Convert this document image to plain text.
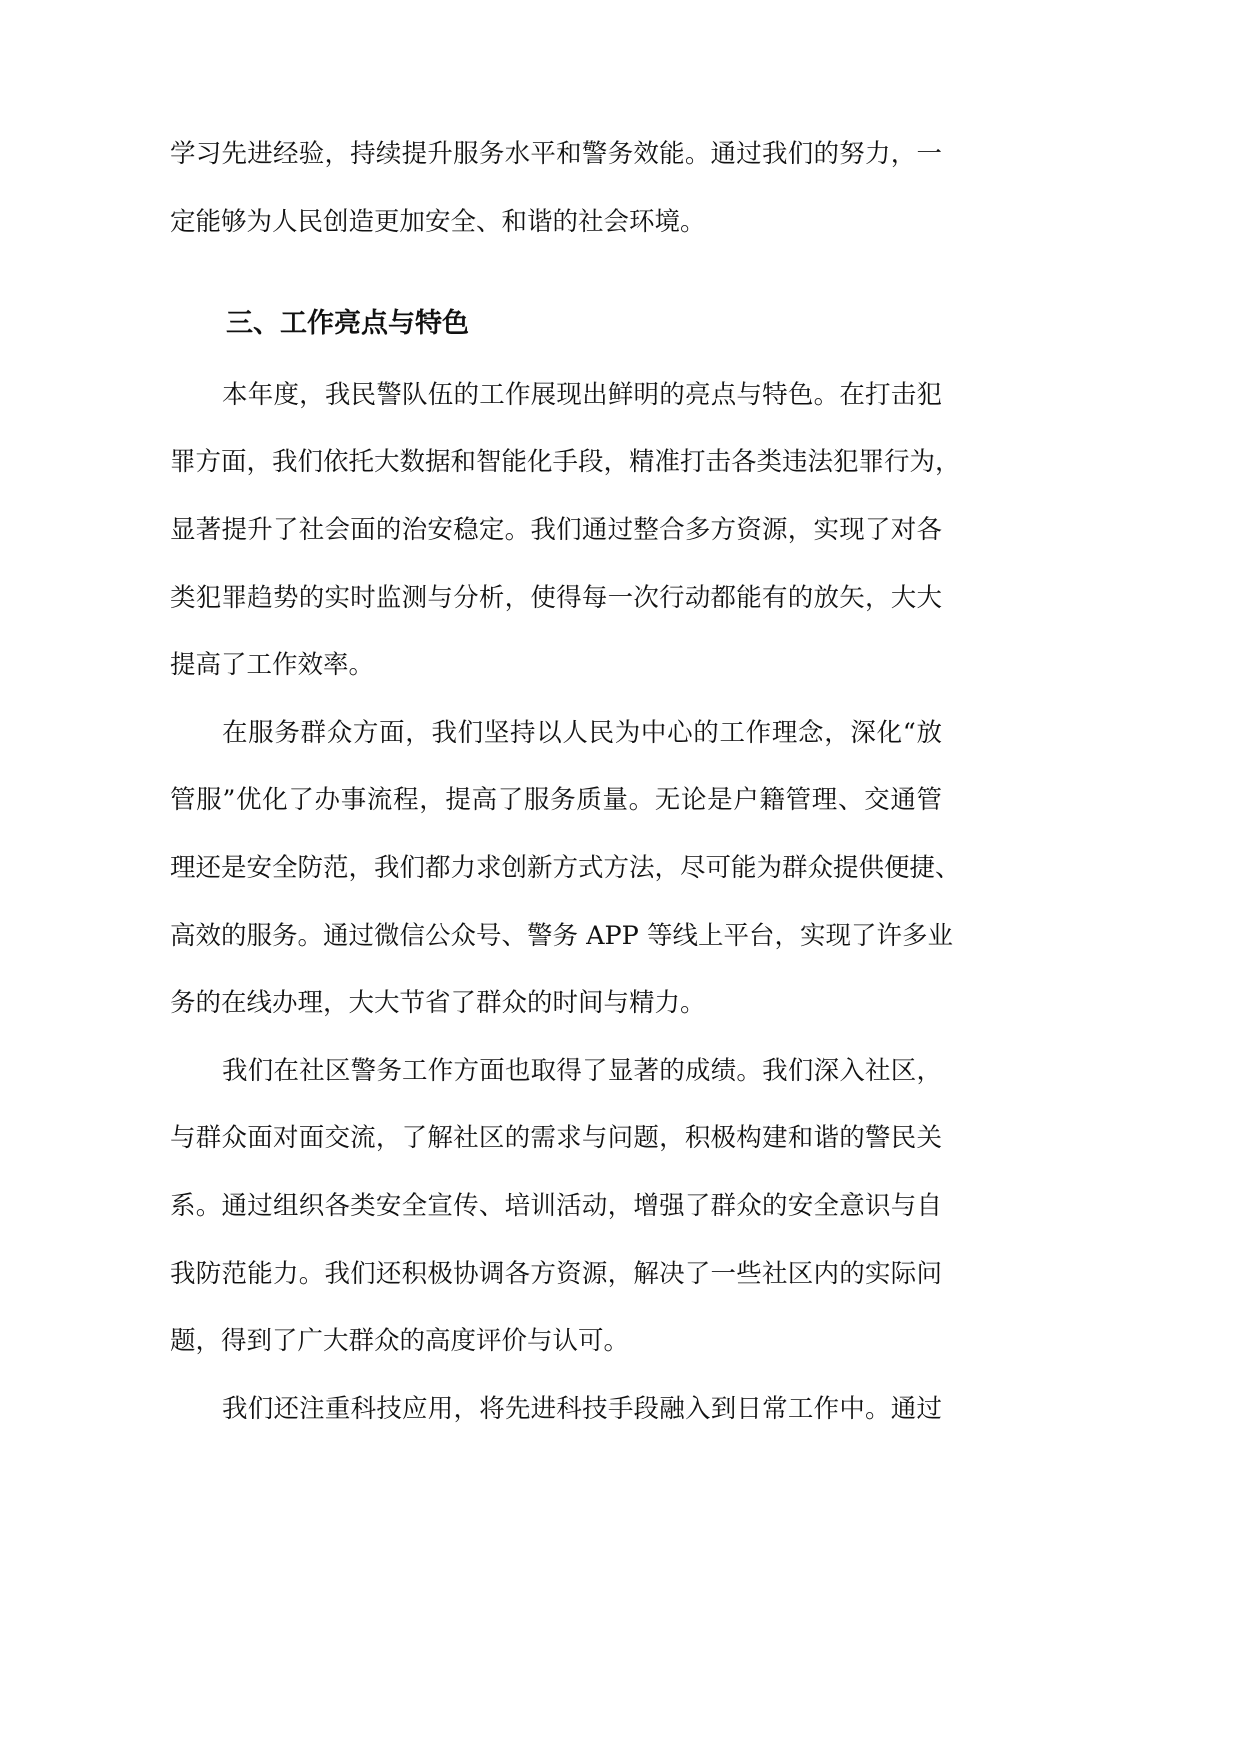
学习先进经验，持续提升服务水平和警务效能。通过我们的努力，一
定能够为人民创造更加安全、和谐的社会环境。
三、工作亮点与特色
本年度，我民警队伍的工作展现出鲜明的亮点与特色。在打击犯
罪方面，我们依托大数据和智能化手段，精准打击各类违法犯罪行为，
显著提升了社会面的治安稳定。我们通过整合多方资源，实现了对各
类犯罪趋势的实时监测与分析，使得每一次行动都能有的放矢，大大
提高了工作效率。
在服务群众方面，我们坚持以人民为中心的工作理念，深化“放
管服”优化了办事流程，提高了服务质量。无论是户籍管理、交通管
理还是安全防范，我们都力求创新方式方法，尽可能为群众提供便捷、
高效的服务。通过微信公众号、警务 APP 等线上平台，实现了许多业
务的在线办理，大大节省了群众的时间与精力。
我们在社区警务工作方面也取得了显著的成绩。我们深入社区，
与群众面对面交流，了解社区的需求与问题，积极构建和谐的警民关
系。通过组织各类安全宣传、培训活动，增强了群众的安全意识与自
我防范能力。我们还积极协调各方资源，解决了一些社区内的实际问
题，得到了广大群众的高度评价与认可。
我们还注重科技应用，将先进科技手段融入到日常工作中。通过
